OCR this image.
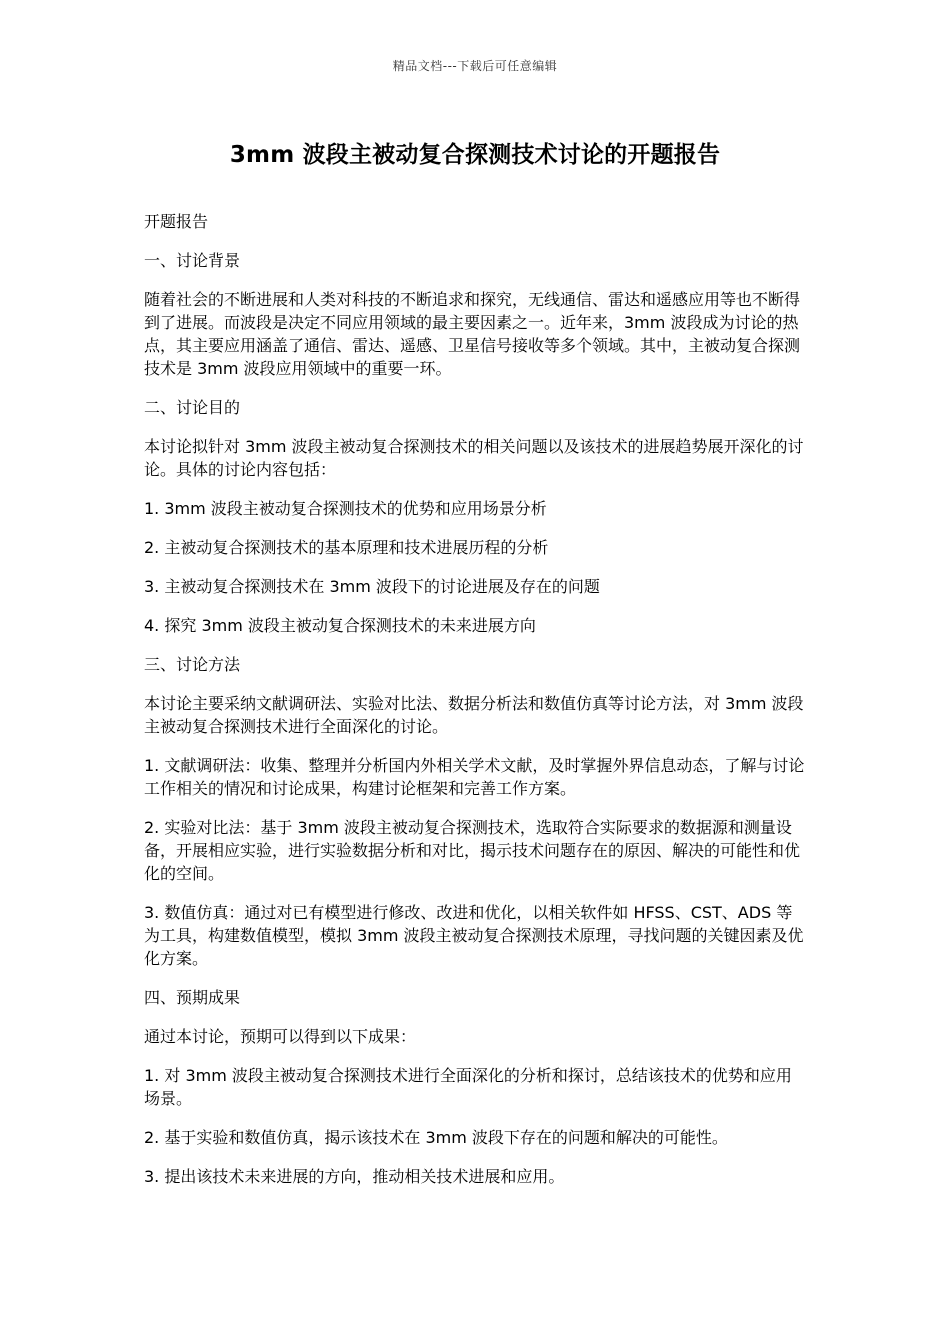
精品文档---下载后可任意编辑
3mm 波段主被动复合探测技术讨论的开题报告

开题报告

一、讨论背景

随着社会的不断进展和人类对科技的不断追求和探究，无线通信、雷达和遥感应用等也不断得到了进展。而波段是决定不同应用领域的最主要因素之一。近年来，3mm 波段成为讨论的热点，其主要应用涵盖了通信、雷达、遥感、卫星信号接收等多个领域。其中，主被动复合探测技术是 3mm 波段应用领域中的重要一环。

二、讨论目的

本讨论拟针对 3mm 波段主被动复合探测技术的相关问题以及该技术的进展趋势展开深化的讨论。具体的讨论内容包括：

1. 3mm 波段主被动复合探测技术的优势和应用场景分析

2. 主被动复合探测技术的基本原理和技术进展历程的分析

3. 主被动复合探测技术在 3mm 波段下的讨论进展及存在的问题

4. 探究 3mm 波段主被动复合探测技术的未来进展方向

三、讨论方法

本讨论主要采纳文献调研法、实验对比法、数据分析法和数值仿真等讨论方法，对 3mm 波段主被动复合探测技术进行全面深化的讨论。

1. 文献调研法：收集、整理并分析国内外相关学术文献，及时掌握外界信息动态，了解与讨论工作相关的情况和讨论成果，构建讨论框架和完善工作方案。

2. 实验对比法：基于 3mm 波段主被动复合探测技术，选取符合实际要求的数据源和测量设备，开展相应实验，进行实验数据分析和对比，揭示技术问题存在的原因、解决的可能性和优化的空间。

3. 数值仿真：通过对已有模型进行修改、改进和优化，以相关软件如 HFSS、CST、ADS 等为工具，构建数值模型，模拟 3mm 波段主被动复合探测技术原理，寻找问题的关键因素及优化方案。

四、预期成果

通过本讨论，预期可以得到以下成果：

1. 对 3mm 波段主被动复合探测技术进行全面深化的分析和探讨，总结该技术的优势和应用场景。

2. 基于实验和数值仿真，揭示该技术在 3mm 波段下存在的问题和解决的可能性。

3. 提出该技术未来进展的方向，推动相关技术进展和应用。
